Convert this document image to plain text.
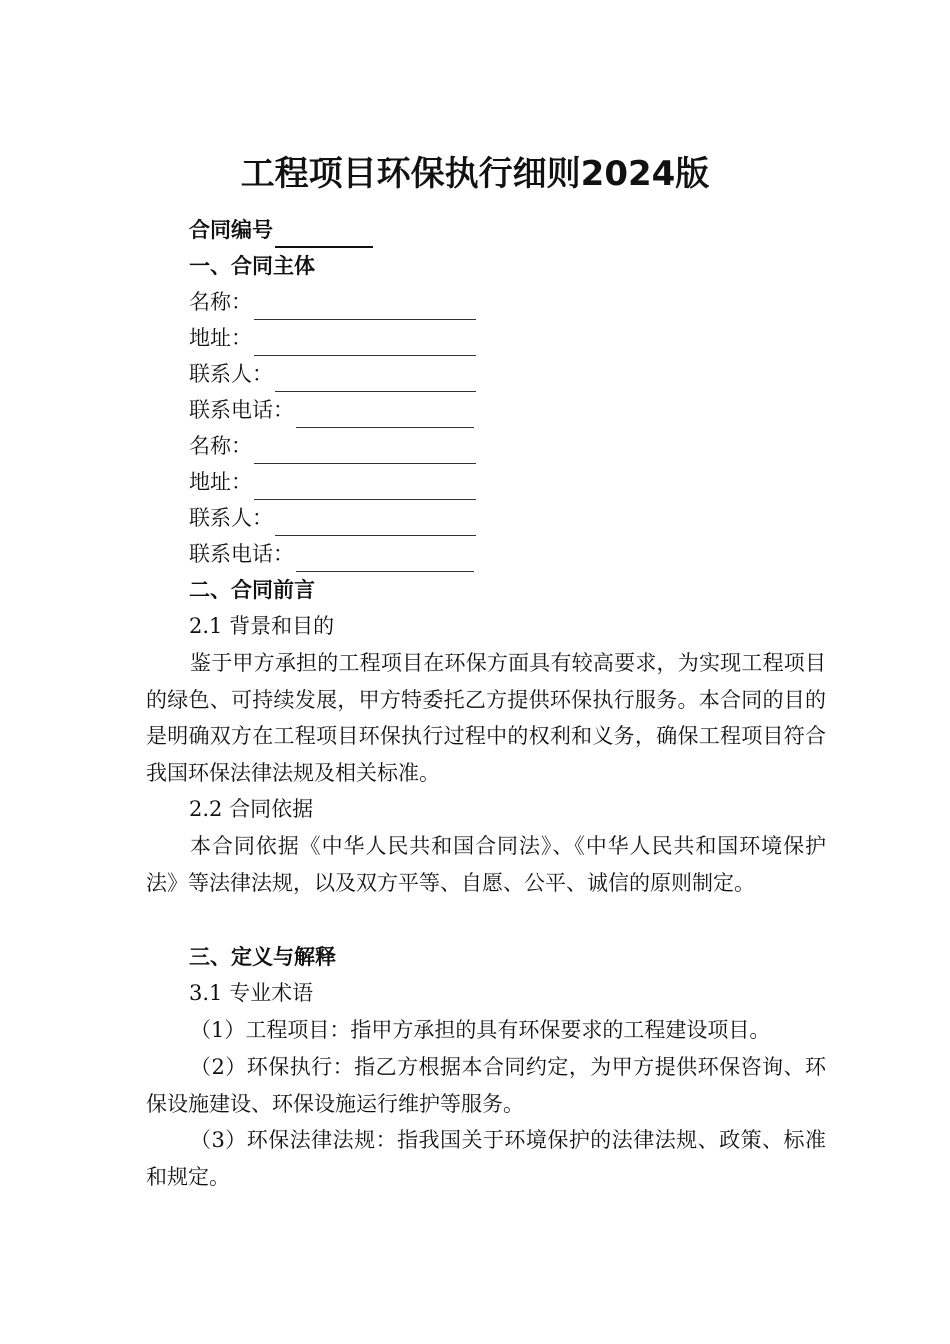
工程项目环保执行细则2024版
合同编号
一、合同主体
名称：
地址：
联系人：
联系电话：
名称：
地址：
联系人：
联系电话：
二、合同前言
2.1 背景和目的
鉴于甲方承担的工程项目在环保方面具有较高要求，为实现工程项目的绿色、可持续发展，甲方特委托乙方提供环保执行服务。本合同的目的是明确双方在工程项目环保执行过程中的权利和义务，确保工程项目符合我国环保法律法规及相关标准。
2.2 合同依据
本合同依据《中华人民共和国合同法》、《中华人民共和国环境保护法》等法律法规，以及双方平等、自愿、公平、诚信的原则制定。
三、定义与解释
3.1 专业术语
（1）工程项目：指甲方承担的具有环保要求的工程建设项目。
（2）环保执行：指乙方根据本合同约定，为甲方提供环保咨询、环保设施建设、环保设施运行维护等服务。
（3）环保法律法规：指我国关于环境保护的法律法规、政策、标准和规定。
